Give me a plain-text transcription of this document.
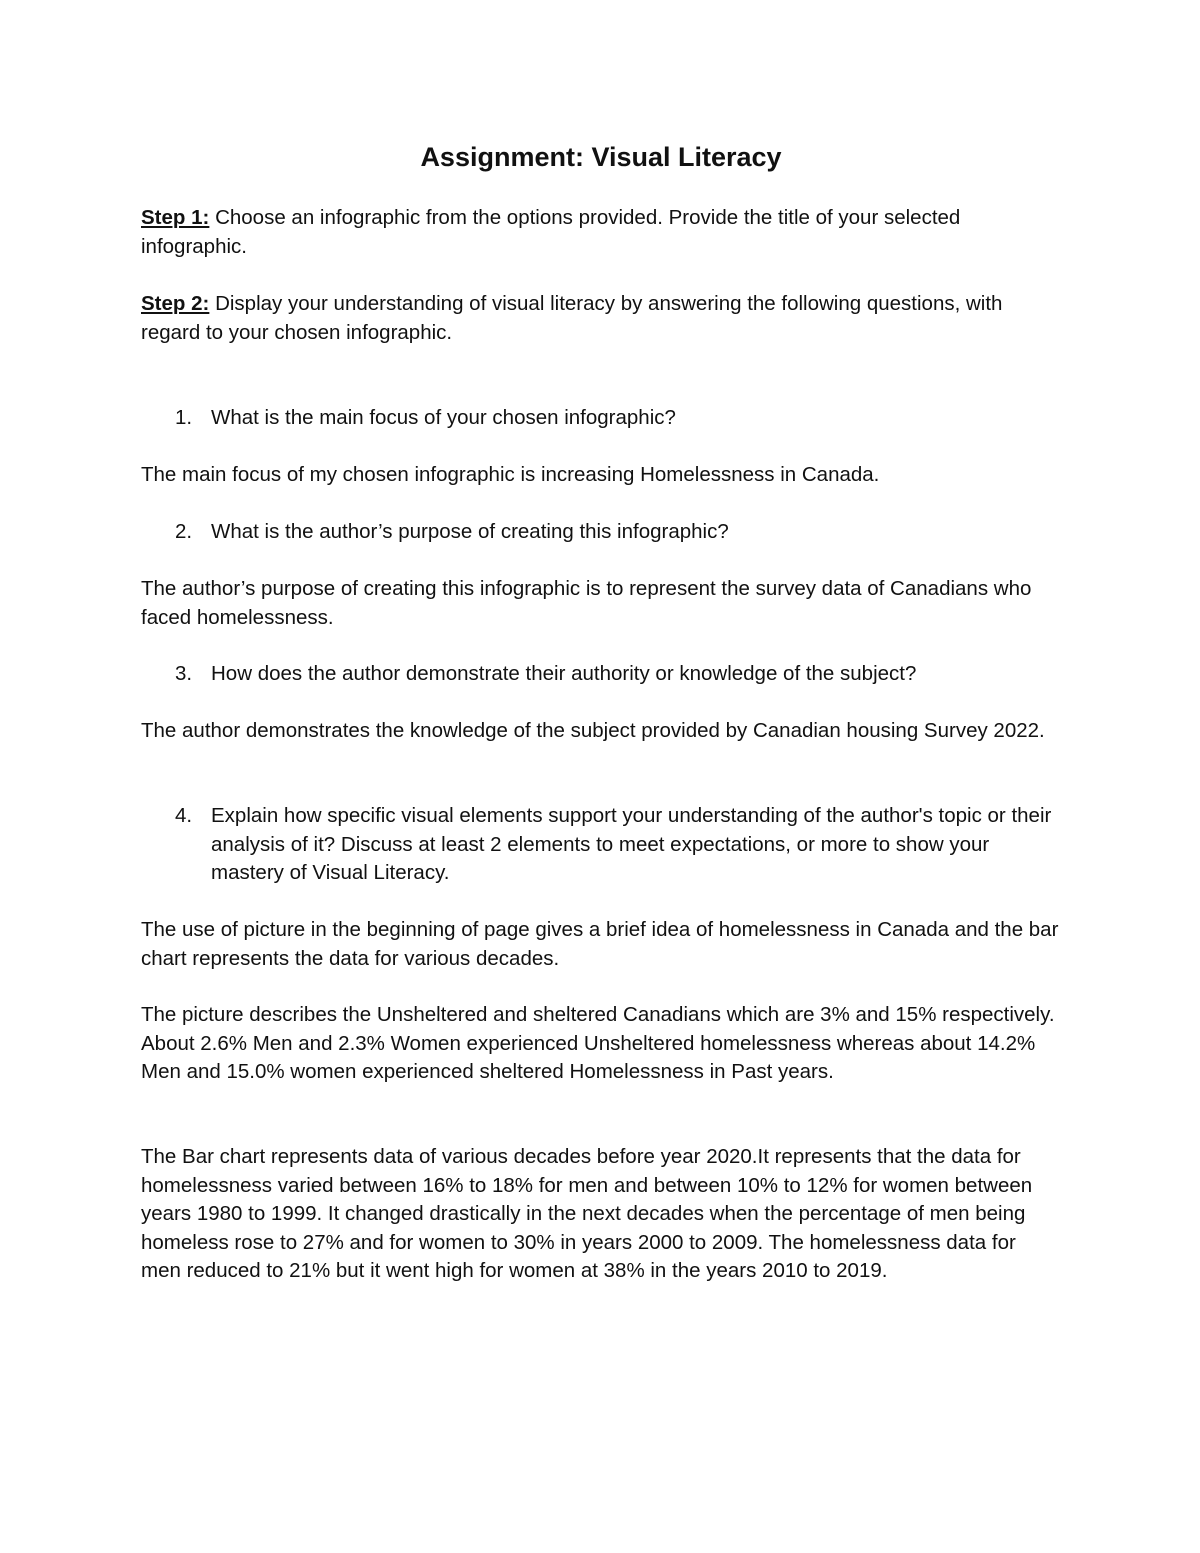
Assignment: Visual Literacy

Step 1: Choose an infographic from the options provided. Provide the title of your selected infographic.

Step 2: Display your understanding of visual literacy by answering the following questions, with regard to your chosen infographic.

1. What is the main focus of your chosen infographic?

The main focus of my chosen infographic is increasing Homelessness in Canada.

2. What is the author’s purpose of creating this infographic?

The author’s purpose of creating this infographic is to represent the survey data of Canadians who faced homelessness.

3. How does the author demonstrate their authority or knowledge of the subject?

The author demonstrates the knowledge of the subject provided by Canadian housing Survey 2022.

4. Explain how specific visual elements support your understanding of the author's topic or their analysis of it? Discuss at least 2 elements to meet expectations, or more to show your mastery of Visual Literacy.

The use of picture in the beginning of page gives a brief idea of homelessness in Canada and the bar chart represents the data for various decades.

The picture describes the Unsheltered and sheltered Canadians which are 3% and 15% respectively. About 2.6% Men and 2.3% Women experienced Unsheltered homelessness whereas about 14.2% Men and 15.0% women experienced sheltered Homelessness in Past years.

The Bar chart represents data of various decades before year 2020.It represents that the data for homelessness varied between 16% to 18% for men and between 10% to 12% for women between years 1980 to 1999. It changed drastically in the next decades when the percentage of men being homeless rose to 27% and for women to 30% in years 2000 to 2009. The homelessness data for men reduced to 21% but it went high for women at 38% in the years 2010 to 2019.
